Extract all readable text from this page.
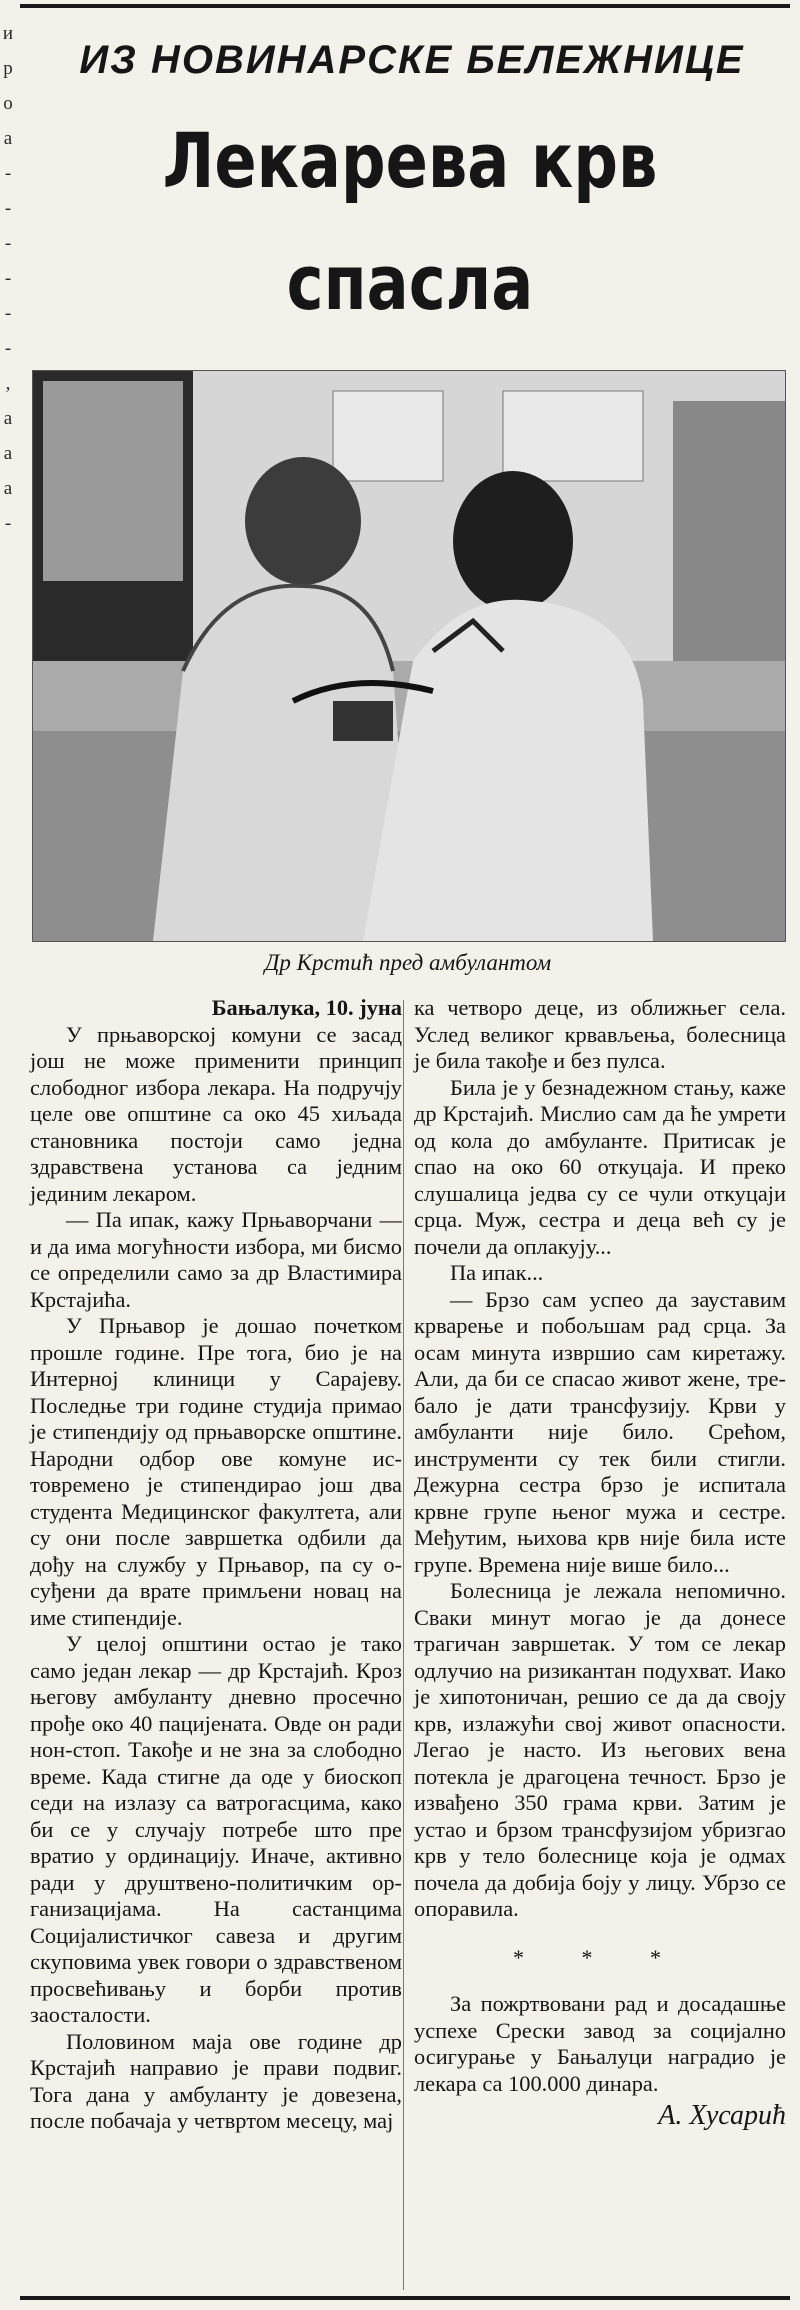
и
р
о
а
-
-
-
-
-
-
,
а
а
а
-
ИЗ НОВИНАРСКЕ БЕЛЕЖНИЦЕ
Лекарева крв спасла

Др Крстић пред амбулантом

Бањалука, 10. јуна

У прњаворској комуни се засад још не може применити принцип слободног избора лекара. На подручју целе ове општине са око 45 хиљада становника постоји само једна здравствена установа са једним јединим лекаром.

— Па ипак, кажу Прњаворчани — и да има могућности избора, ми бисмо се определили само за др Властимира Крстајића.

У Прњавор је дошао почетком прошле године. Пре тога, био је на Интерној клиници у Сарајеву. Последње три године студија примао је стипендију од прњаворске општине. Народни одбор ове комуне истовремено је стипендирао још два студента Медицинског факултета, али су они после завршетка одбили да дођу на службу у Прњавор, па су осуђени да врате примљени новац на име стипендије.

У целој општини остао је тако само један лекар — др Крстајић. Кроз његову амбуланту дневно просечно прође око 40 пацијената. Овде он ради нон-стоп. Такође и не зна за слободно време. Када стигне да оде у биоскоп седи на излазу са ватрогасцима, како би се у случају потребе што пре вратио у ординацију. Иначе, активно ради у друштвено-политичким организацијама. На састанцима Социјалистичког савеза и другим скуповима увек говори о здравственом просвећивању и борби против заосталости.

Половином маја ове године др Крстајић направио је прави подвиг. Тога дана у амбуланту је довезена, после побачаја у четвртом месецу, мај

ка четворо деце, из оближњег села. Услед великог крвављења, болесница је била такође и без пулса.

Била је у безнадежном стању, каже др Крстајић. Мислио сам да ће умрети од кола до амбуланте. Притисак је спао на око 60 откуцаја. И преко слушалица једва су се чули откуцаји срца. Муж, сестра и деца већ су је почели да оплакују...

Па ипак...

— Брзо сам успео да зауставим крварење и побољшам рад срца. За осам минута извршио сам киретажу. Али, да би се спасао живот жене, требало је дати трансфузију. Крви у амбуланти није било. Срећом, инструменти су тек били стигли. Дежурна сестра брзо је испитала крвне групе њеног мужа и сестре. Међутим, њихова крв није била исте групе. Времена није више било...

Болесница је лежала непомично. Сваки минут могао је да донесе трагичан завршетак. У том се лекар одлучио на ризикантан подухват. Иако је хипотоничан, решио се да да своју крв, излажући свој живот опасности. Легао је насто. Из његових вена потекла је драгоцена течност. Брзо је извађено 350 грама крви. Затим је устао и брзом трансфузијом убризгао крв у тело болеснице која је одмах почела да добија боју у лицу. Убрзо се опоравила.

* * *

За пожртвовани рад и досадашње успехе Срески завод за социјално осигурање у Бањалуци наградио је лекара са 100.000 динара.

А. Хусарић
